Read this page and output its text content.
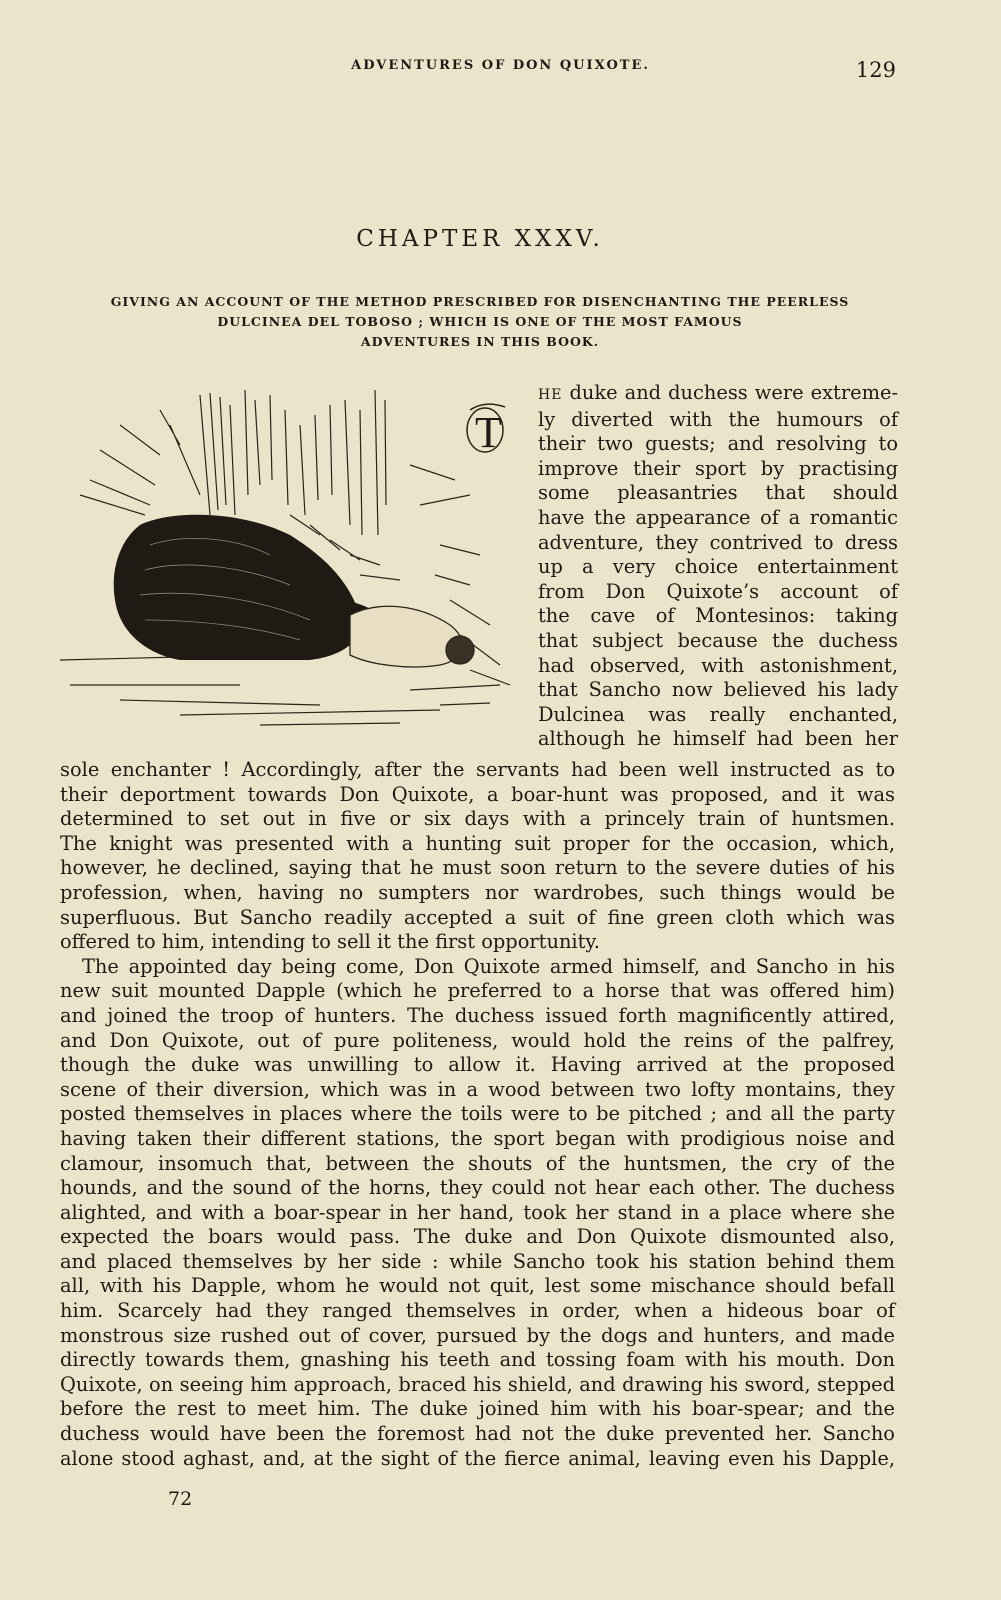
ADVENTURES OF DON QUIXOTE.	129
CHAPTER XXXV.
GIVING AN ACCOUNT OF THE METHOD PRESCRIBED FOR DISENCHANTING THE PEERLESS
DULCINEA DEL TOBOSO ; WHICH IS ONE OF THE MOST FAMOUS
ADVENTURES IN THIS BOOK.
T
HE duke and duchess were extreme-
ly diverted with the humours of
their two guests; and resolving to
improve their sport by practising
some pleasantries that should
have the appearance of a romantic
adventure, they contrived to dress
up a very choice entertainment
from Don Quixote’s account of
the cave of Montesinos: taking
that subject because the duchess
had observed, with astonishment,
that Sancho now believed his lady
Dulcinea was really enchanted,
although he himself had been her
sole enchanter ! Accordingly, after the servants had been well instructed as to
their deportment towards Don Quixote, a boar-hunt was proposed, and it was
determined to set out in five or six days with a princely train of huntsmen.
The knight was presented with a hunting suit proper for the occasion, which,
however, he declined, saying that he must soon return to the severe duties of his
profession, when, having no sumpters nor wardrobes, such things would be
superfluous. But Sancho readily accepted a suit of fine green cloth which was
offered to him, intending to sell it the first opportunity.
The appointed day being come, Don Quixote armed himself, and Sancho in his
new suit mounted Dapple (which he preferred to a horse that was offered him)
and joined the troop of hunters. The duchess issued forth magnificently attired,
and Don Quixote, out of pure politeness, would hold the reins of the palfrey,
though the duke was unwilling to allow it. Having arrived at the proposed
scene of their diversion, which was in a wood between two lofty montains, they
posted themselves in places where the toils were to be pitched ; and all the party
having taken their different stations, the sport began with prodigious noise and
clamour, insomuch that, between the shouts of the huntsmen, the cry of the
hounds, and the sound of the horns, they could not hear each other. The duchess
alighted, and with a boar-spear in her hand, took her stand in a place where she
expected the boars would pass. The duke and Don Quixote dismounted also,
and placed themselves by her side : while Sancho took his station behind them
all, with his Dapple, whom he would not quit, lest some mischance should befall
him. Scarcely had they ranged themselves in order, when a hideous boar of
monstrous size rushed out of cover, pursued by the dogs and hunters, and made
directly towards them, gnashing his teeth and tossing foam with his mouth. Don
Quixote, on seeing him approach, braced his shield, and drawing his sword, stepped
before the rest to meet him. The duke joined him with his boar-spear; and the
duchess would have been the foremost had not the duke prevented her. Sancho
alone stood aghast, and, at the sight of the fierce animal, leaving even his Dapple,
72
